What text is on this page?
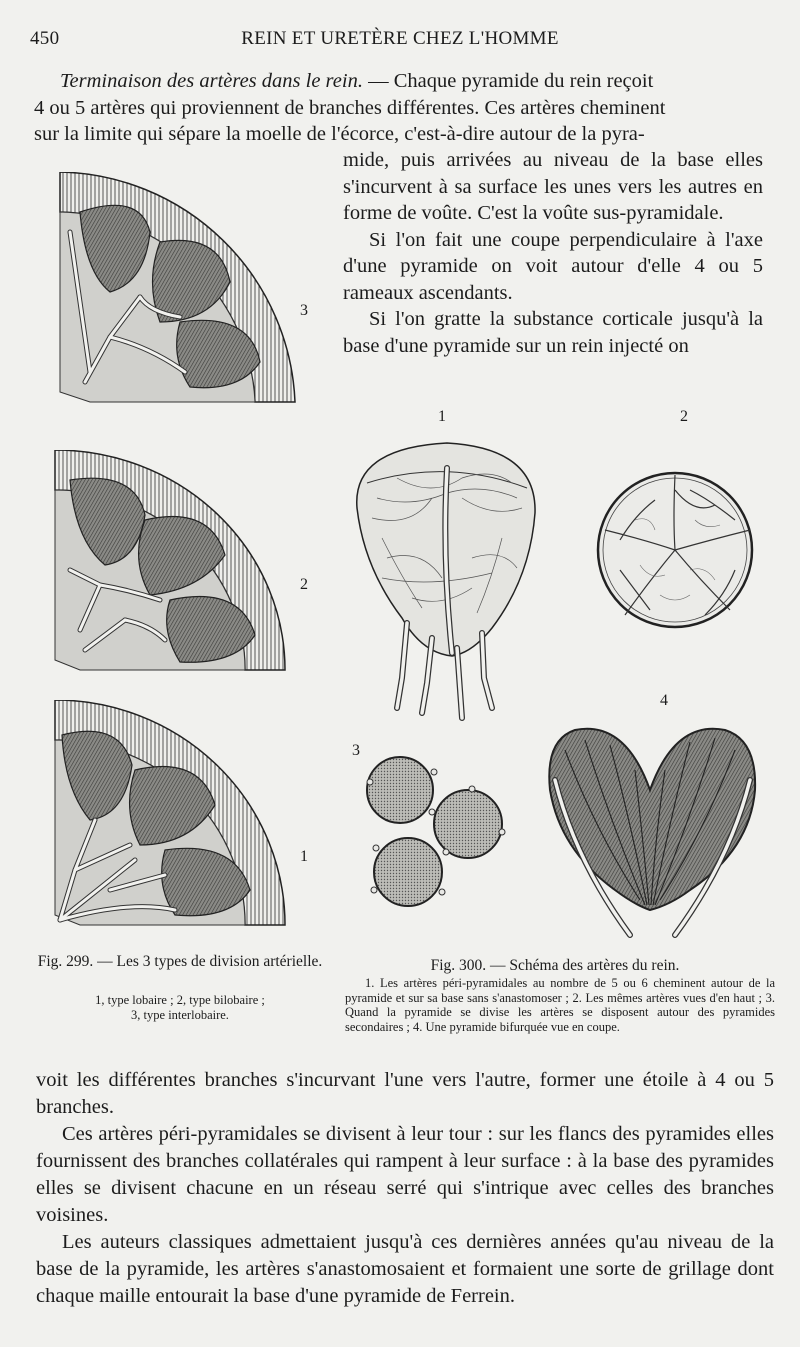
450	REIN ET URETÈRE CHEZ L'HOMME

Terminaison des artères dans le rein. — Chaque pyramide du rein reçoit

4 ou 5 artères qui proviennent de branches différentes. Ces artères cheminent

sur la limite qui sépare la moelle de l'écorce, c'est-à-dire autour de la pyra-

mide, puis arrivées au niveau de la base elles s'incurvent à sa surface les unes vers les autres en forme de voûte. C'est la voûte sus-pyramidale.

Si l'on fait une coupe perpendiculaire à l'axe d'une pyramide on voit autour d'elle 4 ou 5 rameaux ascendants.

Si l'on gratte la substance corticale jusqu'à la base d'une pyramide sur un rein injecté on

3
2
1
1	2
3
4
Fig. 299. — Les 3 types de division artérielle.
1, type lobaire ; 2, type bilobaire ;
3, type interlobaire.
Fig. 300. — Schéma des artères du rein.
1. Les artères péri-pyramidales au nombre de 5 ou 6 cheminent autour de la pyramide et sur sa base sans s'anastomoser ; 2. Les mêmes artères vues d'en haut ; 3. Quand la pyramide se divise les artères se disposent autour des pyramides secondaires ; 4. Une pyramide bifurquée vue en coupe.

voit les différentes branches s'incurvant l'une vers l'autre, former une étoile à 4 ou 5 branches.

Ces artères péri-pyramidales se divisent à leur tour : sur les flancs des pyramides elles fournissent des branches collatérales qui rampent à leur surface : à la base des pyramides elles se divisent chacune en un réseau serré qui s'intrique avec celles des branches voisines.

Les auteurs classiques admettaient jusqu'à ces dernières années qu'au niveau de la base de la pyramide, les artères s'anastomosaient et formaient une sorte de grillage dont chaque maille entourait la base d'une pyramide de Ferrein.
